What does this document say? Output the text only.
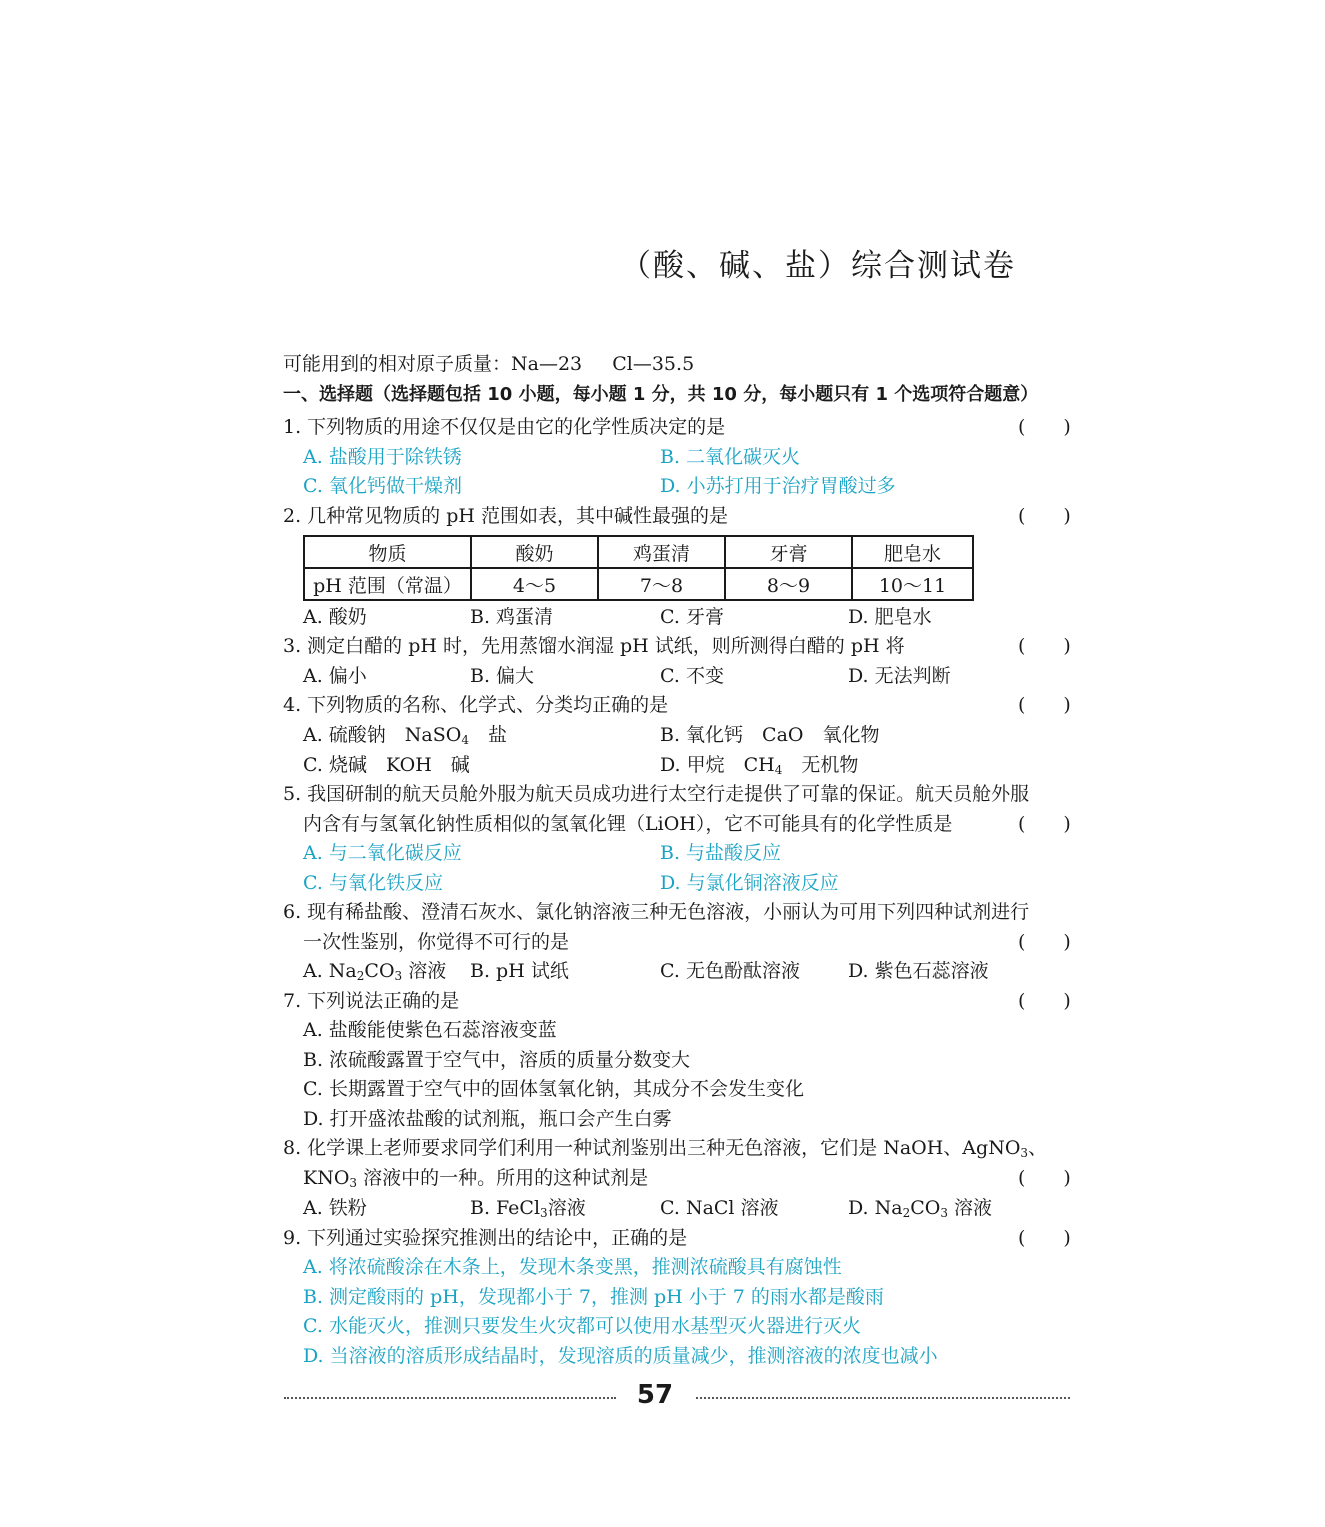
（酸、碱、盐）综合测试卷
可能用到的相对原子质量：Na—23 Cl—35.5
一、选择题（选择题包括 10 小题，每小题 1 分，共 10 分，每小题只有 1 个选项符合题意）
1. 下列物质的用途不仅仅是由它的化学性质决定的是	(　　)
A. 盐酸用于除铁锈	B. 二氧化碳灭火
C. 氧化钙做干燥剂	D. 小苏打用于治疗胃酸过多
2. 几种常见物质的 pH 范围如表，其中碱性最强的是	(　　)
物质	酸奶	鸡蛋清	牙膏	肥皂水
pH 范围（常温）	4～5	7～8	8～9	10～11
A. 酸奶	B. 鸡蛋清	C. 牙膏	D. 肥皂水
3. 测定白醋的 pH 时，先用蒸馏水润湿 pH 试纸，则所测得白醋的 pH 将	(　　)
A. 偏小	B. 偏大	C. 不变	D. 无法判断
4. 下列物质的名称、化学式、分类均正确的是	(　　)
A. 硫酸钠　NaSO$_4$　盐	B. 氧化钙　CaO　氧化物
C. 烧碱　KOH　碱	D. 甲烷　$CH_4$　无机物
5. 我国研制的航天员舱外服为航天员成功进行太空行走提供了可靠的保证。航天员舱外服
内含有与氢氧化钠性质相似的氢氧化锂（LiOH），它不可能具有的化学性质是	(　　)
A. 与二氧化碳反应	B. 与盐酸反应
C. 与氧化铁反应	D. 与氯化铜溶液反应
6. 现有稀盐酸、澄清石灰水、氯化钠溶液三种无色溶液，小丽认为可用下列四种试剂进行
一次性鉴别，你觉得不可行的是	(　　)
A. $Na_2CO_3$ 溶液 B. pH 试纸	C. 无色酚酞溶液	D. 紫色石蕊溶液
7. 下列说法正确的是	(　　)
A. 盐酸能使紫色石蕊溶液变蓝
B. 浓硫酸露置于空气中，溶质的质量分数变大
C. 长期露置于空气中的固体氢氧化钠，其成分不会发生变化
D. 打开盛浓盐酸的试剂瓶，瓶口会产生白雾
8. 化学课上老师要求同学们利用一种试剂鉴别出三种无色溶液，它们是 NaOH、AgNO$_3$、
$KNO_3$ 溶液中的一种。所用的这种试剂是	(　　)
A. 铁粉	B. FeCl$_3$溶液	C. NaCl 溶液	D. $Na_2CO_3$ 溶液
9. 下列通过实验探究推测出的结论中，正确的是	(　　)
A. 将浓硫酸涂在木条上，发现木条变黑，推测浓硫酸具有腐蚀性
B. 测定酸雨的 pH，发现都小于 7，推测 pH 小于 7 的雨水都是酸雨
C. 水能灭火，推测只要发生火灾都可以使用水基型灭火器进行灭火
D. 当溶液的溶质形成结晶时，发现溶质的质量减少，推测溶液的浓度也减小
57
